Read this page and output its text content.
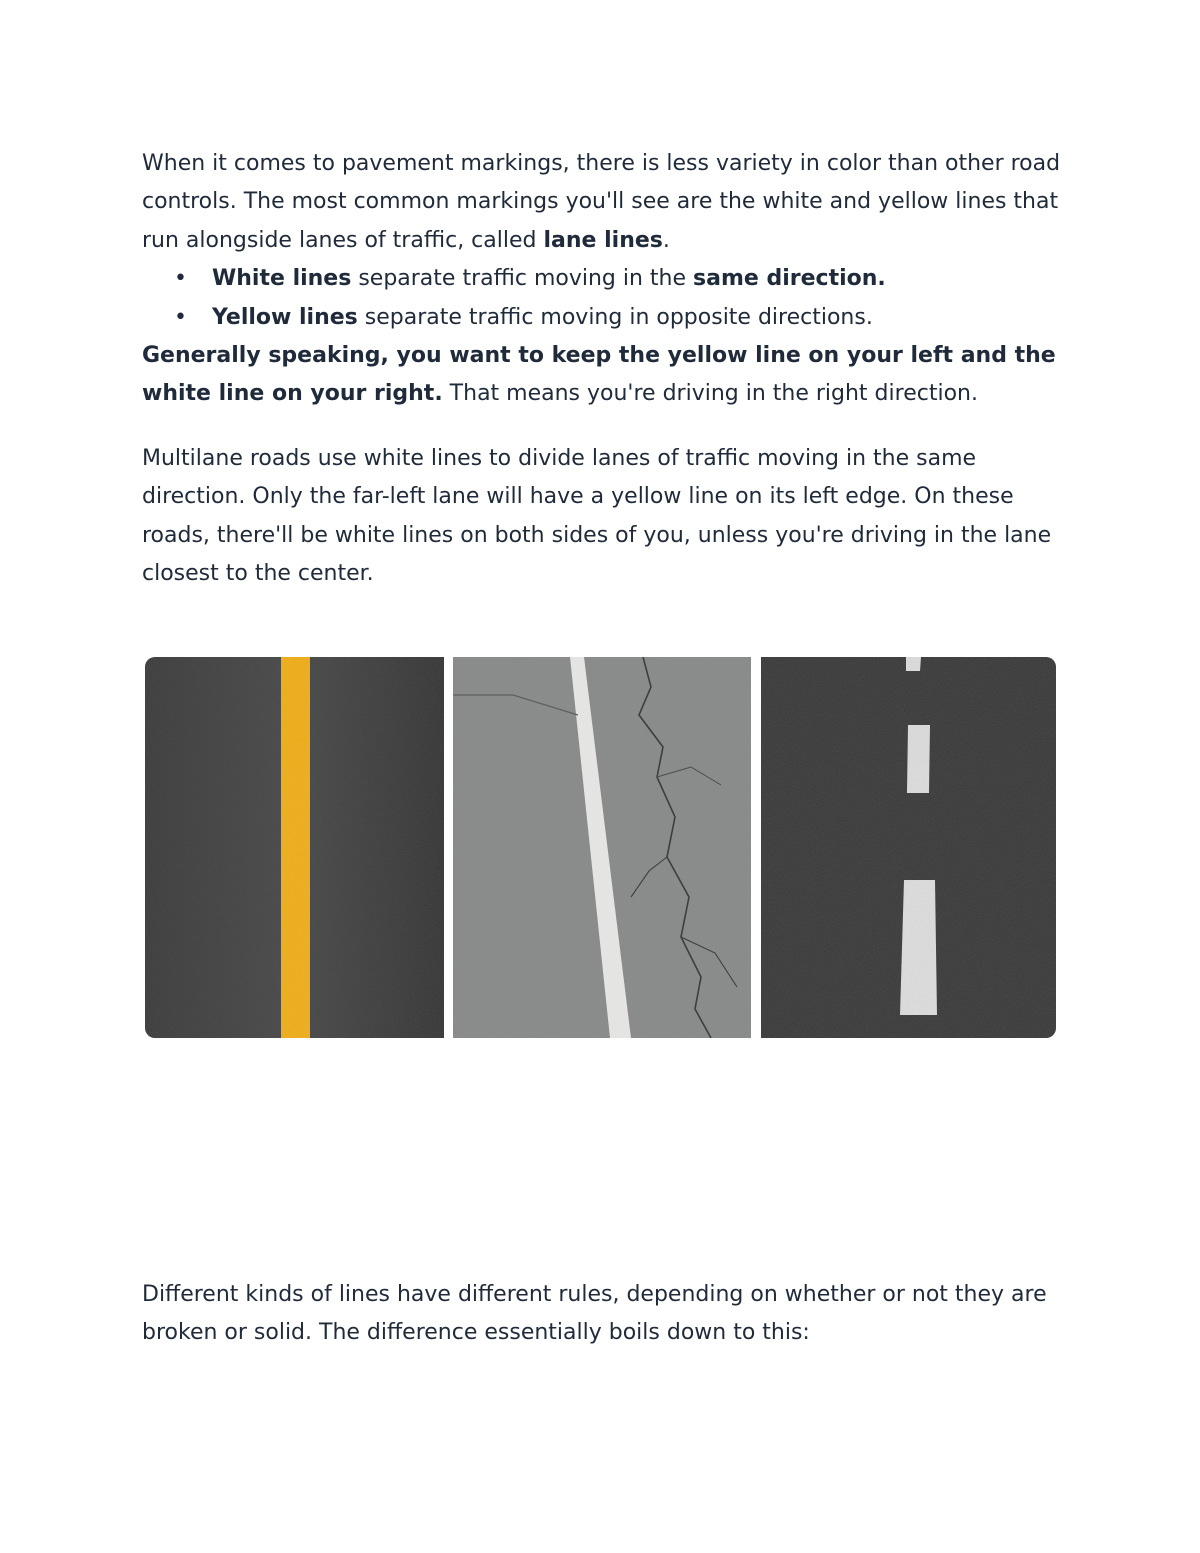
When it comes to pavement markings, there is less variety in color than other road controls. The most common markings you'll see are the white and yellow lines that run alongside lanes of traffic, called lane lines.

• White lines separate traffic moving in the same direction.
• Yellow lines separate traffic moving in opposite directions.

Generally speaking, you want to keep the yellow line on your left and the white line on your right. That means you're driving in the right direction.

Multilane roads use white lines to divide lanes of traffic moving in the same direction. Only the far-left lane will have a yellow line on its left edge. On these roads, there'll be white lines on both sides of you, unless you're driving in the lane closest to the center.

Different kinds of lines have different rules, depending on whether or not they are broken or solid. The difference essentially boils down to this:
